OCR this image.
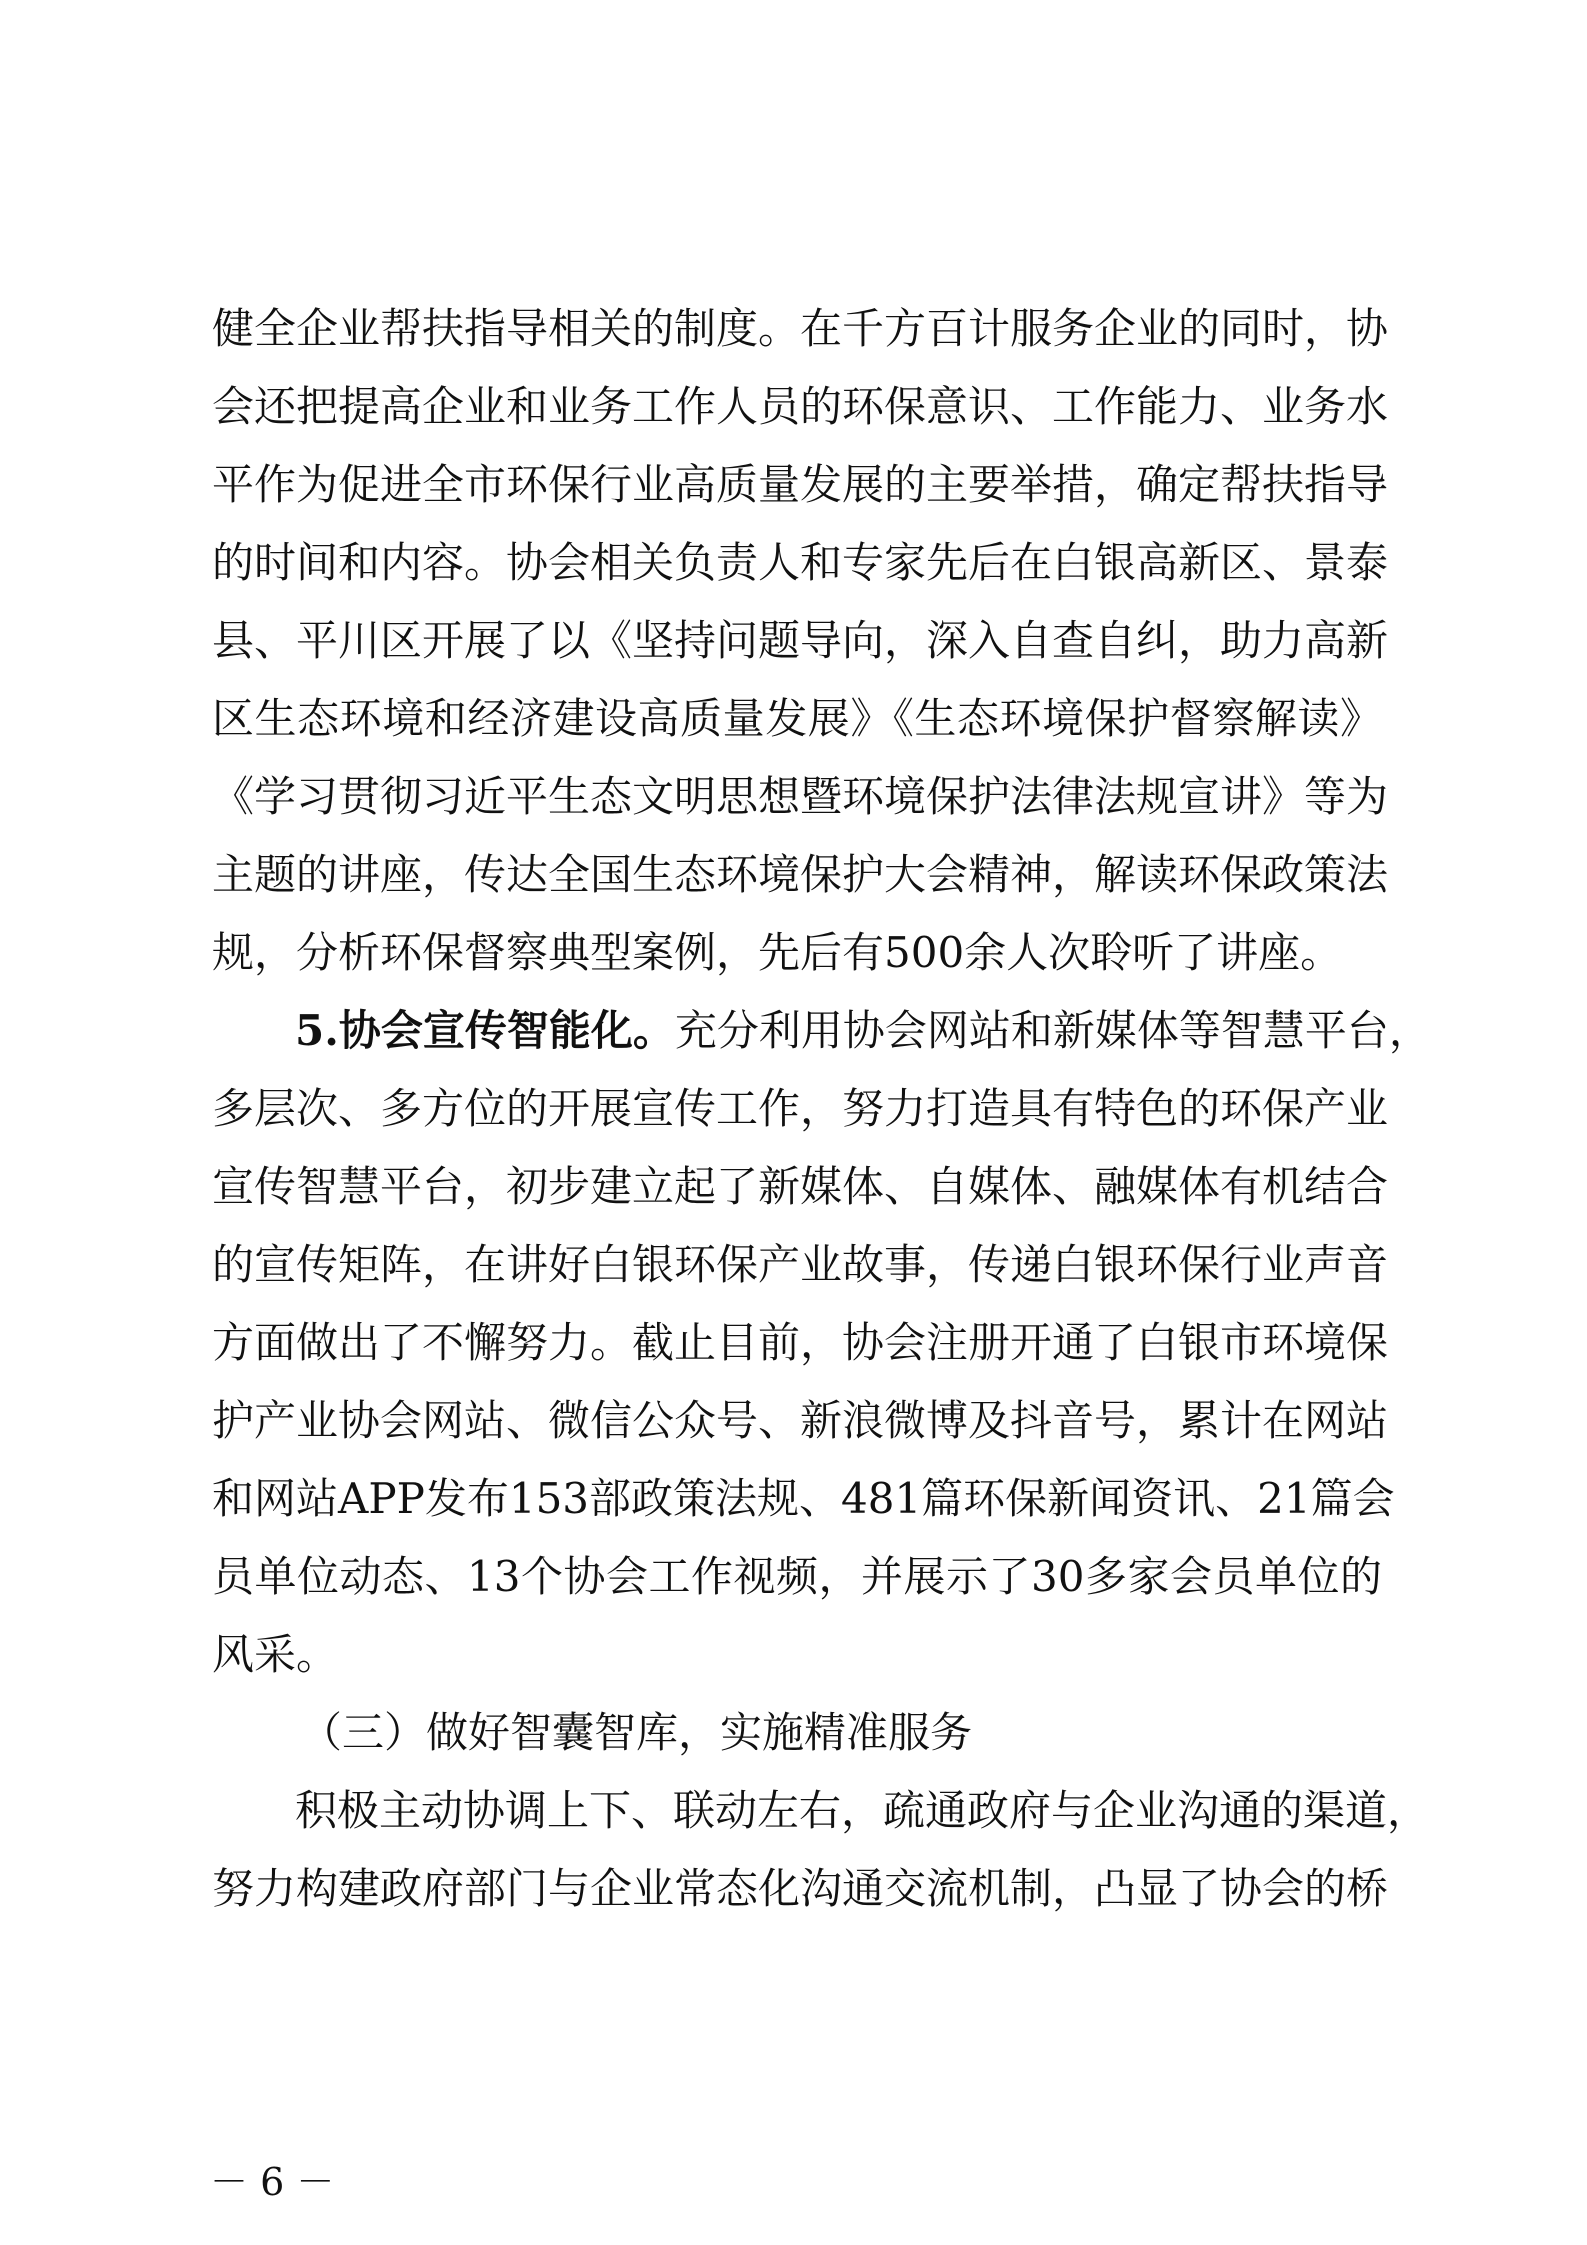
健全企业帮扶指导相关的制度。在千方百计服务企业的同时，协
会还把提高企业和业务工作人员的环保意识、工作能力、业务水
平作为促进全市环保行业高质量发展的主要举措，确定帮扶指导
的时间和内容。协会相关负责人和专家先后在白银高新区、景泰
县、平川区开展了以《坚持问题导向，深入自查自纠，助力高新
区生态环境和经济建设高质量发展》《生态环境保护督察解读》
《学习贯彻习近平生态文明思想暨环境保护法律法规宣讲》等为
主题的讲座，传达全国生态环境保护大会精神，解读环保政策法
规，分析环保督察典型案例，先后有500余人次聆听了讲座。
5.协会宣传智能化。充分利用协会网站和新媒体等智慧平台，
多层次、多方位的开展宣传工作，努力打造具有特色的环保产业
宣传智慧平台，初步建立起了新媒体、自媒体、融媒体有机结合
的宣传矩阵，在讲好白银环保产业故事，传递白银环保行业声音
方面做出了不懈努力。截止目前，协会注册开通了白银市环境保
护产业协会网站、微信公众号、新浪微博及抖音号，累计在网站
和网站APP发布153部政策法规、481篇环保新闻资讯、21篇会
员单位动态、13个协会工作视频，并展示了30多家会员单位的
风采。
（三）做好智囊智库，实施精准服务
积极主动协调上下、联动左右，疏通政府与企业沟通的渠道，
努力构建政府部门与企业常态化沟通交流机制，凸显了协会的桥
－ 6 －
